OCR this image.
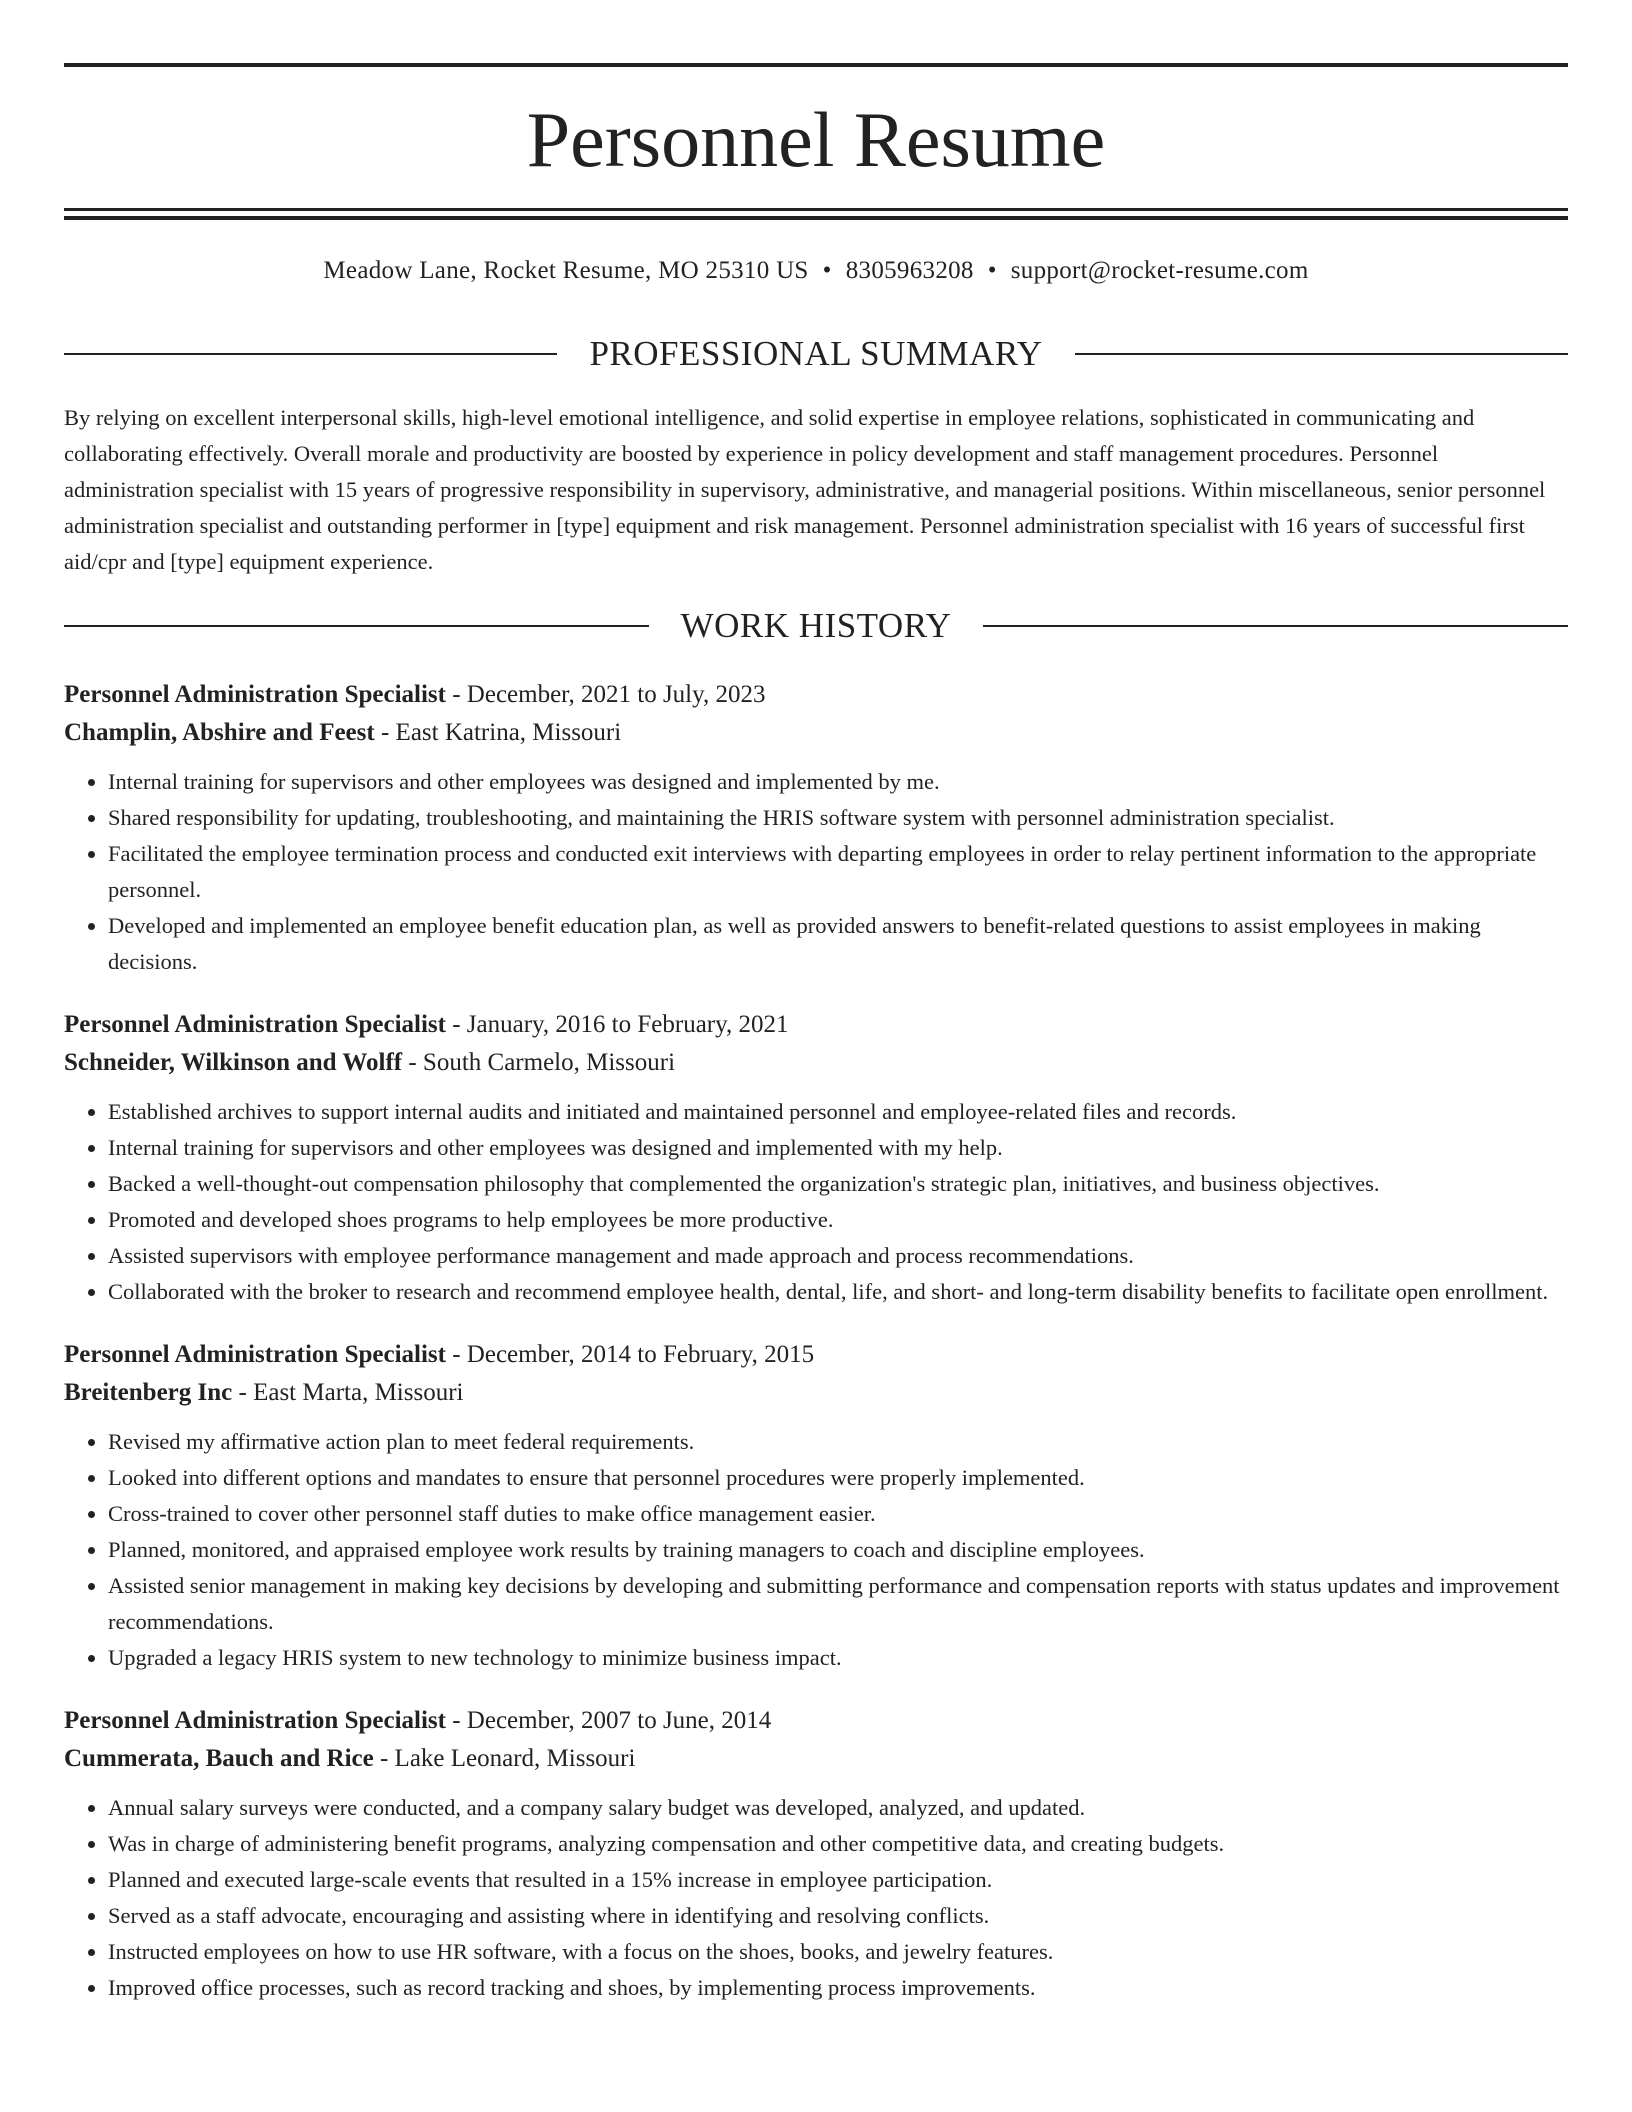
Personnel Resume
Meadow Lane, Rocket Resume, MO 25310 US • 8305963208 • support@rocket-resume.com
PROFESSIONAL SUMMARY

By relying on excellent interpersonal skills, high-level emotional intelligence, and solid expertise in employee relations, sophisticated in communicating and collaborating effectively. Overall morale and productivity are boosted by experience in policy development and staff management procedures. Personnel administration specialist with 15 years of progressive responsibility in supervisory, administrative, and managerial positions. Within miscellaneous, senior personnel administration specialist and outstanding performer in [type] equipment and risk management. Personnel administration specialist with 16 years of successful first aid/cpr and [type] equipment experience.

WORK HISTORY
Personnel Administration Specialist - December, 2021 to July, 2023
Champlin, Abshire and Feest - East Katrina, Missouri
• Internal training for supervisors and other employees was designed and implemented by me.
• Shared responsibility for updating, troubleshooting, and maintaining the HRIS software system with personnel administration specialist.
• Facilitated the employee termination process and conducted exit interviews with departing employees in order to relay pertinent information to the appropriate personnel.
• Developed and implemented an employee benefit education plan, as well as provided answers to benefit-related questions to assist employees in making decisions.
Personnel Administration Specialist - January, 2016 to February, 2021
Schneider, Wilkinson and Wolff - South Carmelo, Missouri
• Established archives to support internal audits and initiated and maintained personnel and employee-related files and records.
• Internal training for supervisors and other employees was designed and implemented with my help.
• Backed a well-thought-out compensation philosophy that complemented the organization's strategic plan, initiatives, and business objectives.
• Promoted and developed shoes programs to help employees be more productive.
• Assisted supervisors with employee performance management and made approach and process recommendations.
• Collaborated with the broker to research and recommend employee health, dental, life, and short- and long-term disability benefits to facilitate open enrollment.
Personnel Administration Specialist - December, 2014 to February, 2015
Breitenberg Inc - East Marta, Missouri
• Revised my affirmative action plan to meet federal requirements.
• Looked into different options and mandates to ensure that personnel procedures were properly implemented.
• Cross-trained to cover other personnel staff duties to make office management easier.
• Planned, monitored, and appraised employee work results by training managers to coach and discipline employees.
• Assisted senior management in making key decisions by developing and submitting performance and compensation reports with status updates and improvement recommendations.
• Upgraded a legacy HRIS system to new technology to minimize business impact.
Personnel Administration Specialist - December, 2007 to June, 2014
Cummerata, Bauch and Rice - Lake Leonard, Missouri
• Annual salary surveys were conducted, and a company salary budget was developed, analyzed, and updated.
• Was in charge of administering benefit programs, analyzing compensation and other competitive data, and creating budgets.
• Planned and executed large-scale events that resulted in a 15% increase in employee participation.
• Served as a staff advocate, encouraging and assisting where in identifying and resolving conflicts.
• Instructed employees on how to use HR software, with a focus on the shoes, books, and jewelry features.
• Improved office processes, such as record tracking and shoes, by implementing process improvements.
